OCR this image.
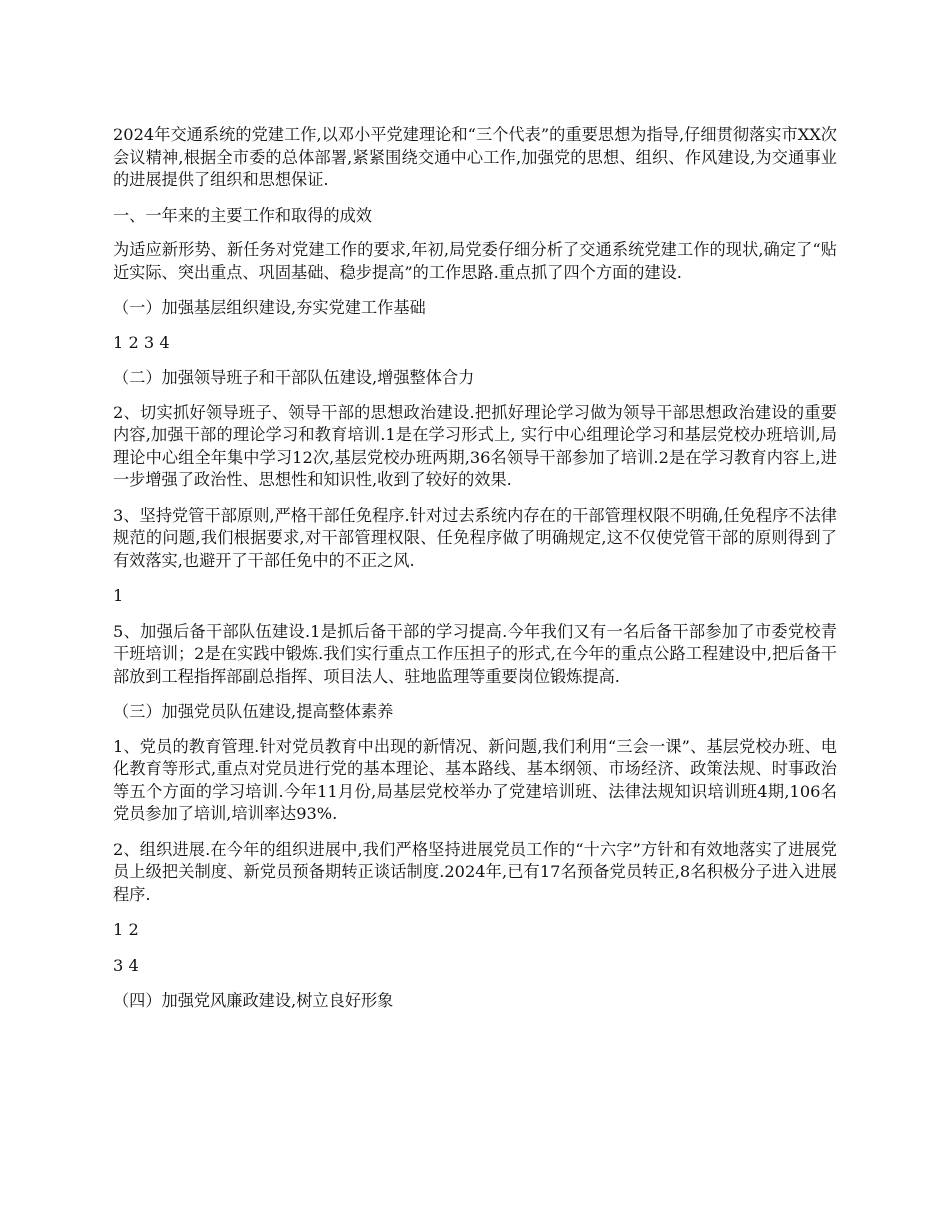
2024年交通系统的党建工作,以邓小平党建理论和“三个代表”的重要思想为指导,仔细贯彻落实市XX次会议精神,根据全市委的总体部署,紧紧围绕交通中心工作,加强党的思想、组织、作风建设,为交通事业的进展提供了组织和思想保证.

一、一年来的主要工作和取得的成效

为适应新形势、新任务对党建工作的要求,年初,局党委仔细分析了交通系统党建工作的现状,确定了“贴近实际、突出重点、巩固基础、稳步提高”的工作思路.重点抓了四个方面的建设.

（一）加强基层组织建设,夯实党建工作基础

1 2 3 4

（二）加强领导班子和干部队伍建设,增强整体合力

2、切实抓好领导班子、领导干部的思想政治建设.把抓好理论学习做为领导干部思想政治建设的重要内容,加强干部的理论学习和教育培训.1是在学习形式上, 实行中心组理论学习和基层党校办班培训,局理论中心组全年集中学习12次,基层党校办班两期,36名领导干部参加了培训.2是在学习教育内容上,进一步增强了政治性、思想性和知识性,收到了较好的效果.

3、坚持党管干部原则,严格干部任免程序.针对过去系统内存在的干部管理权限不明确,任免程序不法律规范的问题,我们根据要求,对干部管理权限、任免程序做了明确规定,这不仅使党管干部的原则得到了有效落实,也避开了干部任免中的不正之风.

1

5、加强后备干部队伍建设.1是抓后备干部的学习提高.今年我们又有一名后备干部参加了市委党校青干班培训；2是在实践中锻炼.我们实行重点工作压担子的形式,在今年的重点公路工程建设中,把后备干部放到工程指挥部副总指挥、项目法人、驻地监理等重要岗位锻炼提高.

（三）加强党员队伍建设,提高整体素养

1、党员的教育管理.针对党员教育中出现的新情况、新问题,我们利用“三会一课”、基层党校办班、电化教育等形式,重点对党员进行党的基本理论、基本路线、基本纲领、市场经济、政策法规、时事政治等五个方面的学习培训.今年11月份,局基层党校举办了党建培训班、法律法规知识培训班4期,106名党员参加了培训,培训率达93%.

2、组织进展.在今年的组织进展中,我们严格坚持进展党员工作的“十六字”方针和有效地落实了进展党员上级把关制度、新党员预备期转正谈话制度.2024年,已有17名预备党员转正,8名积极分子进入进展程序.

1 2

3 4

（四）加强党风廉政建设,树立良好形象
